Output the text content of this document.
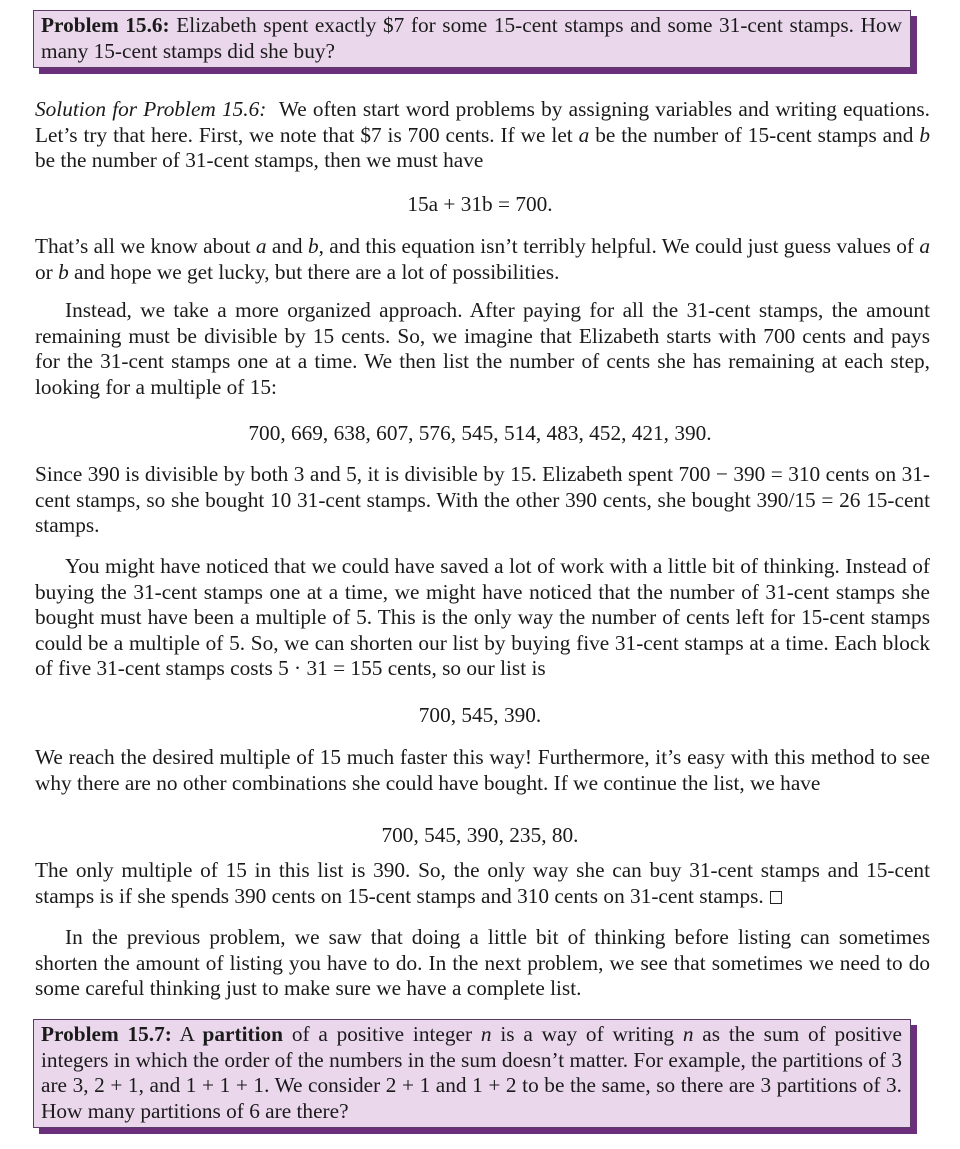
Problem 15.6: Elizabeth spent exactly $7 for some 15-cent stamps and some 31-cent stamps. How many 15-cent stamps did she buy?

Solution for Problem 15.6: We often start word problems by assigning variables and writing equations. Let’s try that here. First, we note that $7 is 700 cents. If we let a be the number of 15-cent stamps and b be the number of 31-cent stamps, then we must have

15a + 31b = 700.

That’s all we know about a and b, and this equation isn’t terribly helpful. We could just guess values of a or b and hope we get lucky, but there are a lot of possibilities.

Instead, we take a more organized approach. After paying for all the 31-cent stamps, the amount remaining must be divisible by 15 cents. So, we imagine that Elizabeth starts with 700 cents and pays for the 31-cent stamps one at a time. We then list the number of cents she has remaining at each step, looking for a multiple of 15:

700, 669, 638, 607, 576, 545, 514, 483, 452, 421, 390.

Since 390 is divisible by both 3 and 5, it is divisible by 15. Elizabeth spent 700 − 390 = 310 cents on 31-cent stamps, so she bought 10 31-cent stamps. With the other 390 cents, she bought 390/15 = 26 15-cent stamps.

You might have noticed that we could have saved a lot of work with a little bit of thinking. Instead of buying the 31-cent stamps one at a time, we might have noticed that the number of 31-cent stamps she bought must have been a multiple of 5. This is the only way the number of cents left for 15-cent stamps could be a multiple of 5. So, we can shorten our list by buying five 31-cent stamps at a time. Each block of five 31-cent stamps costs 5 · 31 = 155 cents, so our list is

700, 545, 390.

We reach the desired multiple of 15 much faster this way! Furthermore, it’s easy with this method to see why there are no other combinations she could have bought. If we continue the list, we have

700, 545, 390, 235, 80.

The only multiple of 15 in this list is 390. So, the only way she can buy 31-cent stamps and 15-cent stamps is if she spends 390 cents on 15-cent stamps and 310 cents on 31-cent stamps.

In the previous problem, we saw that doing a little bit of thinking before listing can sometimes shorten the amount of listing you have to do. In the next problem, we see that sometimes we need to do some careful thinking just to make sure we have a complete list.

Problem 15.7: A partition of a positive integer n is a way of writing n as the sum of positive integers in which the order of the numbers in the sum doesn’t matter. For example, the partitions of 3 are 3, 2 + 1, and 1 + 1 + 1. We consider 2 + 1 and 1 + 2 to be the same, so there are 3 partitions of 3. How many partitions of 6 are there?
